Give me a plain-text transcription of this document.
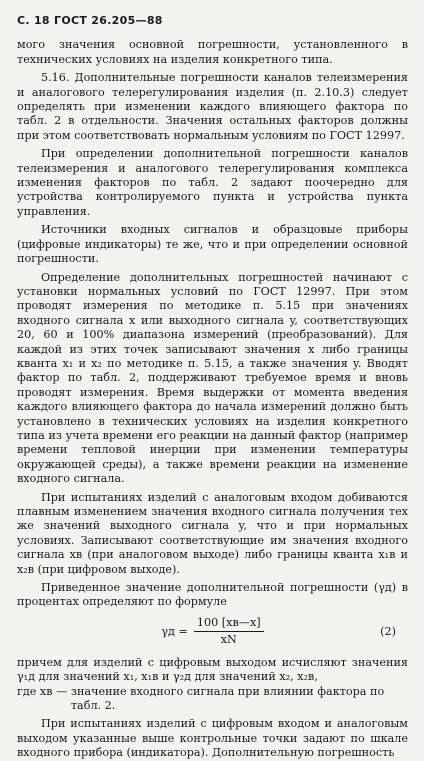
С. 18 ГОСТ 26.205—88

мого значения основной погрешности, установленного в технических условиях на изделия конкретного типа.

5.16. Дополнительные погрешности каналов телеизмерения и аналогового телерегулирования изделия (п. 2.10.3) следует определять при изменении каждого влияющего фактора по табл. 2 в отдельности. Значения остальных факторов должны при этом соответствовать нормальным условиям по ГОСТ 12997.

При определении дополнительной погрешности каналов телеизмерения и аналогового телерегулирования комплекса изменения факторов по табл. 2 задают поочередно для устройства контролируемого пункта и устройства пункта управления.

Источники входных сигналов и образцовые приборы (цифровые индикаторы) те же, что и при определении основной погрешности.

Определение дополнительных погрешностей начинают с установки нормальных условий по ГОСТ 12997. При этом проводят измерения по методике п. 5.15 при значениях входного сигнала x или выходного сигнала y, соответствующих 20, 60 и 100% диапазона измерений (преобразований). Для каждой из этих точек записывают значения x либо границы кванта x₁ и x₂ по методике п. 5.15, а также значения y. Вводят фактор по табл. 2, поддерживают требуемое время и вновь проводят измерения. Время выдержки от момента введения каждого влияющего фактора до начала измерений должно быть установлено в технических условиях на изделия конкретного типа из учета времени его реакции на данный фактор (например времени тепловой инерции при изменении температуры окружающей среды), а также времени реакции на изменение входного сигнала.

При испытаниях изделий с аналоговым входом добиваются плавным изменением значения входного сигнала получения тех же значений выходного сигнала y, что и при нормальных условиях. Записывают соответствующие им значения входного сигнала xв (при аналоговом выходе) либо границы кванта x₁в и x₂в (при цифровом выходе).

Приведенное значение дополнительной погрешности (γд) в процентах определяют по формуле

$\gamma д = \frac{100 [xв—x]}{xN}$	(2)

причем для изделий с цифровым выходом исчисляют значения γ₁д для значений x₁, x₁в и γ₂д для значений x₂, x₂в,

где xв — значение входного сигнала при влиянии фактора по табл. 2.

При испытаниях изделий с цифровым входом и аналоговым выходом указанные выше контрольные точки задают по шкале входного прибора (индикатора). Дополнительную погрешность
